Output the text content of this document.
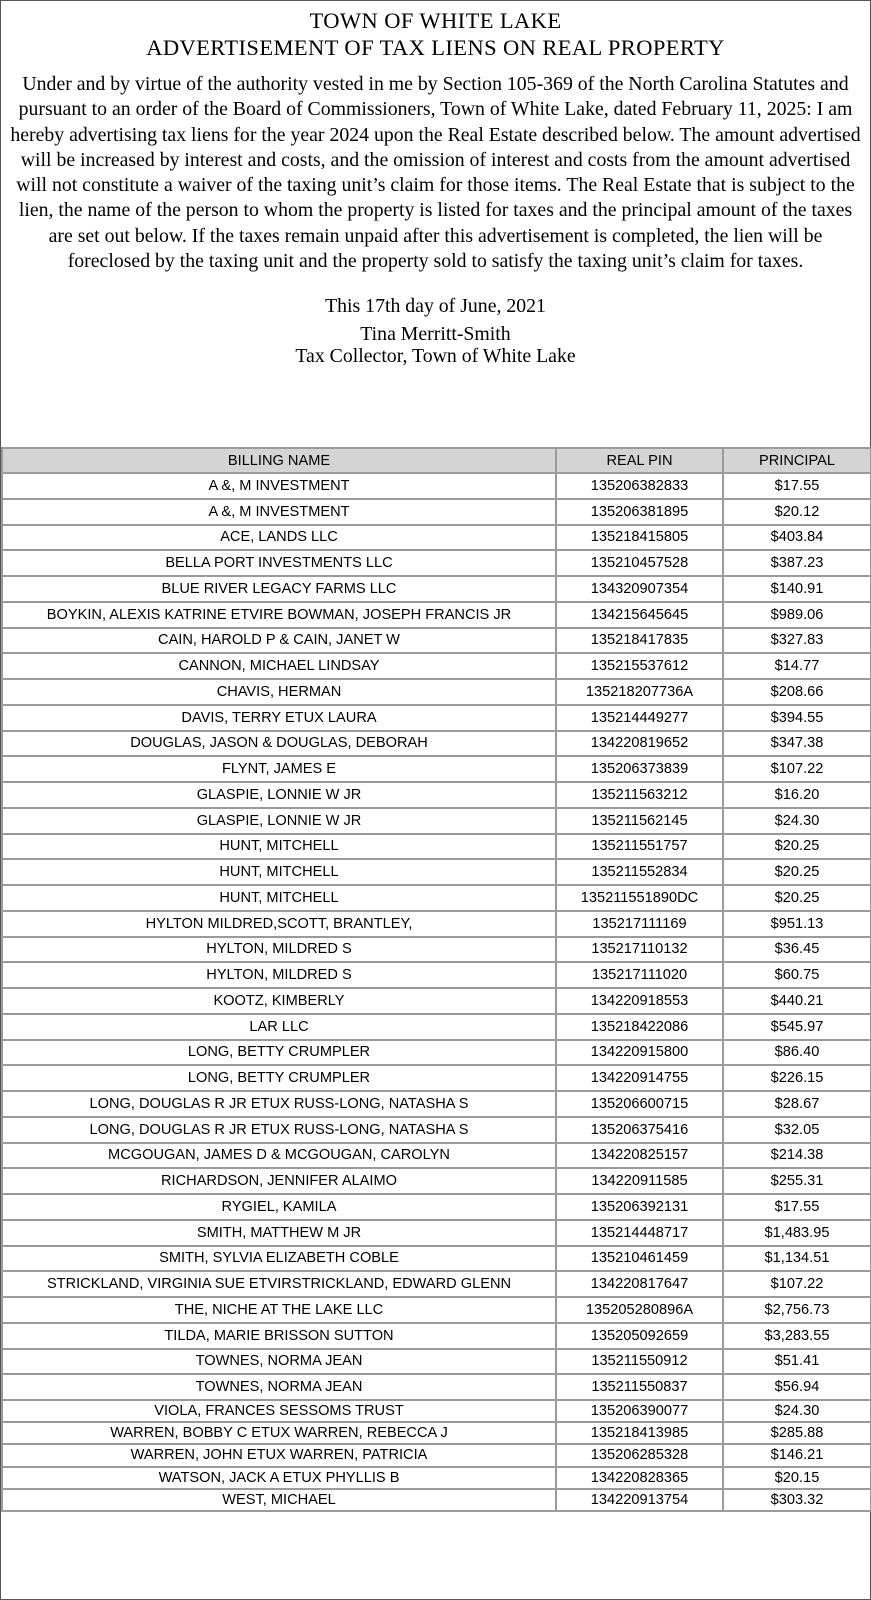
TOWN OF WHITE LAKE
ADVERTISEMENT OF TAX LIENS ON REAL PROPERTY
Under and by virtue of the authority vested in me by Section 105-369 of the North Carolina Statutes and pursuant to an order of the Board of Commissioners, Town of White Lake, dated February 11, 2025: I am hereby advertising tax liens for the year 2024 upon the Real Estate described below. The amount advertised will be increased by interest and costs, and the omission of interest and costs from the amount advertised will not constitute a waiver of the taxing unit’s claim for those items. The Real Estate that is subject to the lien, the name of the person to whom the property is listed for taxes and the principal amount of the taxes are set out below. If the taxes remain unpaid after this advertisement is completed, the lien will be foreclosed by the taxing unit and the property sold to satisfy the taxing unit’s claim for taxes.
This 17th day of June, 2021
Tina Merritt-Smith
Tax Collector, Town of White Lake
BILLING NAME	REAL PIN	PRINCIPAL
A &, M INVESTMENT	135206382833	$17.55
A &, M INVESTMENT	135206381895	$20.12
ACE, LANDS LLC	135218415805	$403.84
BELLA PORT INVESTMENTS LLC	135210457528	$387.23
BLUE RIVER LEGACY FARMS LLC	134320907354	$140.91
BOYKIN, ALEXIS KATRINE ETVIRE BOWMAN, JOSEPH FRANCIS JR	134215645645	$989.06
CAIN, HAROLD P & CAIN, JANET W	135218417835	$327.83
CANNON, MICHAEL LINDSAY	135215537612	$14.77
CHAVIS, HERMAN	135218207736A	$208.66
DAVIS, TERRY ETUX LAURA	135214449277	$394.55
DOUGLAS, JASON & DOUGLAS, DEBORAH	134220819652	$347.38
FLYNT, JAMES E	135206373839	$107.22
GLASPIE, LONNIE W JR	135211563212	$16.20
GLASPIE, LONNIE W JR	135211562145	$24.30
HUNT, MITCHELL	135211551757	$20.25
HUNT, MITCHELL	135211552834	$20.25
HUNT, MITCHELL	135211551890DC	$20.25
HYLTON MILDRED,SCOTT, BRANTLEY,	135217111169	$951.13
HYLTON, MILDRED S	135217110132	$36.45
HYLTON, MILDRED S	135217111020	$60.75
KOOTZ, KIMBERLY	134220918553	$440.21
LAR LLC	135218422086	$545.97
LONG, BETTY CRUMPLER	134220915800	$86.40
LONG, BETTY CRUMPLER	134220914755	$226.15
LONG, DOUGLAS R JR ETUX RUSS-LONG, NATASHA S	135206600715	$28.67
LONG, DOUGLAS R JR ETUX RUSS-LONG, NATASHA S	135206375416	$32.05
MCGOUGAN, JAMES D & MCGOUGAN, CAROLYN	134220825157	$214.38
RICHARDSON, JENNIFER ALAIMO	134220911585	$255.31
RYGIEL, KAMILA	135206392131	$17.55
SMITH, MATTHEW M JR	135214448717	$1,483.95
SMITH, SYLVIA ELIZABETH COBLE	135210461459	$1,134.51
STRICKLAND, VIRGINIA SUE ETVIRSTRICKLAND, EDWARD GLENN	134220817647	$107.22
THE, NICHE AT THE LAKE LLC	135205280896A	$2,756.73
TILDA, MARIE BRISSON SUTTON	135205092659	$3,283.55
TOWNES, NORMA JEAN	135211550912	$51.41
TOWNES, NORMA JEAN	135211550837	$56.94
VIOLA, FRANCES SESSOMS TRUST	135206390077	$24.30
WARREN, BOBBY C ETUX WARREN, REBECCA J	135218413985	$285.88
WARREN, JOHN ETUX WARREN, PATRICIA	135206285328	$146.21
WATSON, JACK A ETUX PHYLLIS B	134220828365	$20.15
WEST, MICHAEL	134220913754	$303.32
